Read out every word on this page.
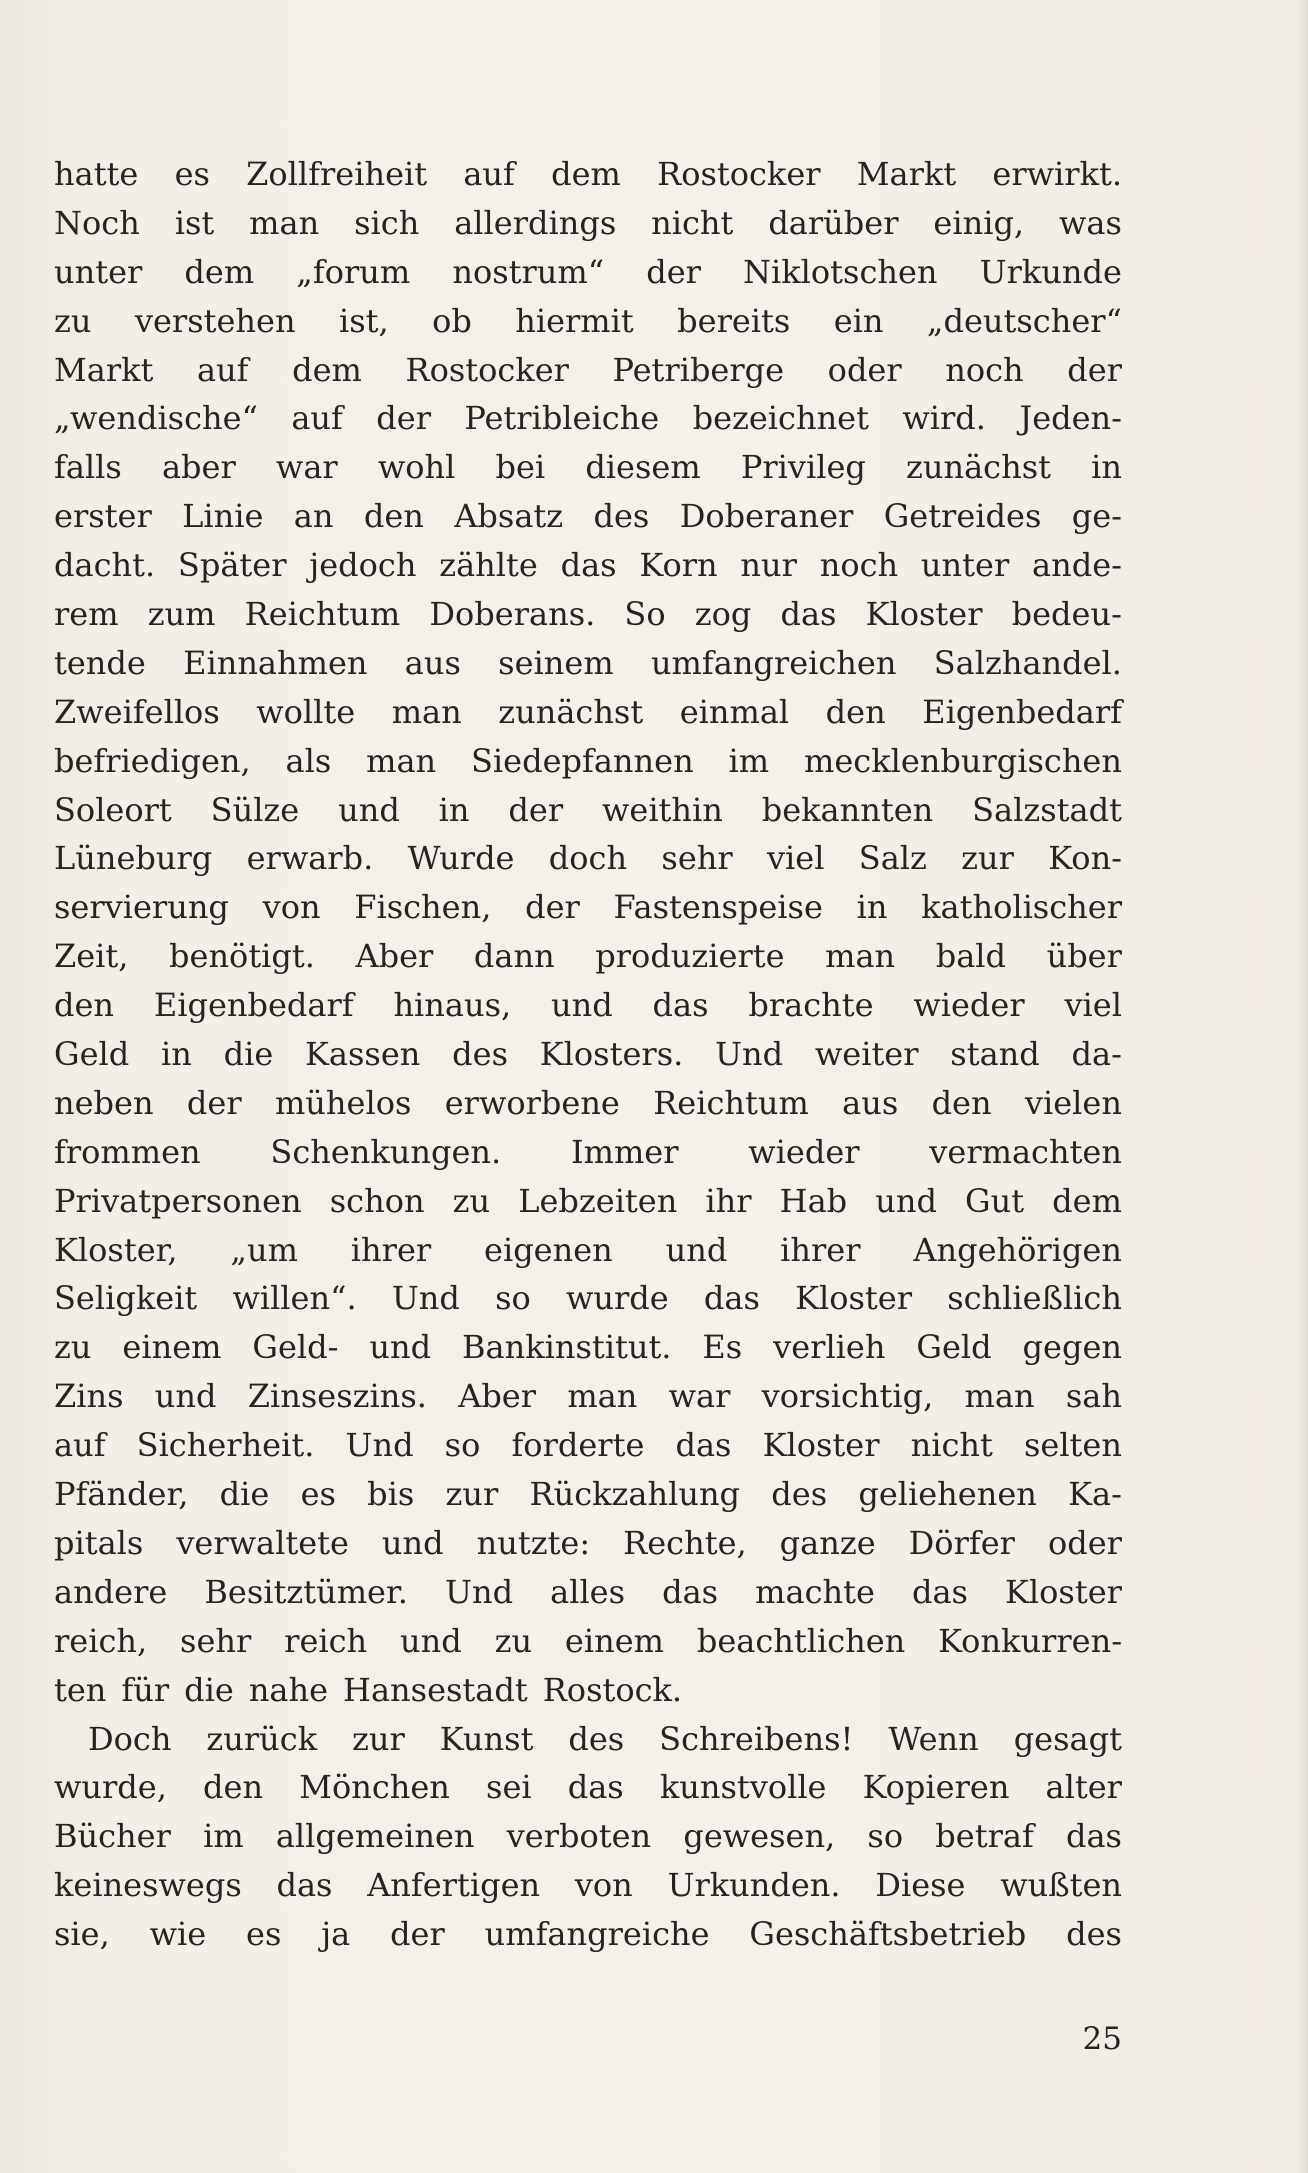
hatte es Zollfreiheit auf dem Rostocker Markt erwirkt.
Noch ist man sich allerdings nicht darüber einig, was
unter dem „forum nostrum“ der Niklotschen Urkunde
zu verstehen ist, ob hiermit bereits ein „deutscher“
Markt auf dem Rostocker Petriberge oder noch der
„wendische“ auf der Petribleiche bezeichnet wird. Jeden-
falls aber war wohl bei diesem Privileg zunächst in
erster Linie an den Absatz des Doberaner Getreides ge-
dacht. Später jedoch zählte das Korn nur noch unter ande-
rem zum Reichtum Doberans. So zog das Kloster bedeu-
tende Einnahmen aus seinem umfangreichen Salzhandel.
Zweifellos wollte man zunächst einmal den Eigenbedarf
befriedigen, als man Siedepfannen im mecklenburgischen
Soleort Sülze und in der weithin bekannten Salzstadt
Lüneburg erwarb. Wurde doch sehr viel Salz zur Kon-
servierung von Fischen, der Fastenspeise in katholischer
Zeit, benötigt. Aber dann produzierte man bald über
den Eigenbedarf hinaus, und das brachte wieder viel
Geld in die Kassen des Klosters. Und weiter stand da-
neben der mühelos erworbene Reichtum aus den vielen
frommen Schenkungen. Immer wieder vermachten
Privatpersonen schon zu Lebzeiten ihr Hab und Gut dem
Kloster, „um ihrer eigenen und ihrer Angehörigen
Seligkeit willen“. Und so wurde das Kloster schließlich
zu einem Geld- und Bankinstitut. Es verlieh Geld gegen
Zins und Zinseszins. Aber man war vorsichtig, man sah
auf Sicherheit. Und so forderte das Kloster nicht selten
Pfänder, die es bis zur Rückzahlung des geliehenen Ka-
pitals verwaltete und nutzte: Rechte, ganze Dörfer oder
andere Besitztümer. Und alles das machte das Kloster
reich, sehr reich und zu einem beachtlichen Konkurren-
ten für die nahe Hansestadt Rostock.
Doch zurück zur Kunst des Schreibens! Wenn gesagt
wurde, den Mönchen sei das kunstvolle Kopieren alter
Bücher im allgemeinen verboten gewesen, so betraf das
keineswegs das Anfertigen von Urkunden. Diese wußten
sie, wie es ja der umfangreiche Geschäftsbetrieb des
25
